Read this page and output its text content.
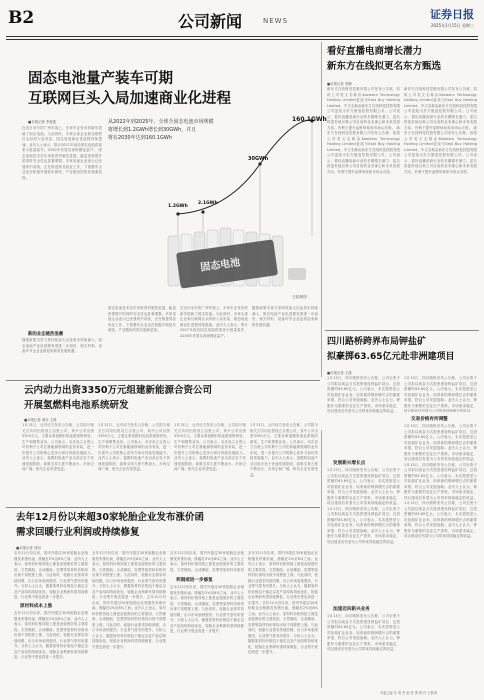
B2	公司新闻	NEWS	证券日报
2025年1月15日 星期三
固态电池量产装车可期
互联网巨头入局加速商业化进程
■本报记者 李春莲
在近日举行的广州车展上，多家车企发布的新车搭载了固态电池。与此同时，多家头部企业和互联网巨头纷纷入局布局，固态电池商业化进程持续提速。业内人士表示，预计2027年前后固态电池将迎来小批量装车，2030年有望实现规模化量产。 固态电池技术近年来取得突破性进展，能量密度提升的同时安全性也显著增强。多家电池企业表示已经建成中试线，正在推进样品验证工作，下游整车企业也在积极开展装车测试，产业链协同效应逐渐显现。
新的业态链热浪潮
随着政策支持力度持续加大以及资本持续涌入，固态电池产业化进程有望进一步加快，相关材料、设备环节企业也将迎来新的发展机遇。
从2022年到2025年，全球全固态电池市场规模
将增长到1.2GWh增长到30GWh，并且
将在2030年达到160.1GWh
160.1GWh
30GWh
2.1GWh
1.2GWh
固态电池
王琨/制图
固态电池技术近年来取得突破性进展，能量密度提升的同时安全性也显著增强。多家电池企业表示已经建成中试线，正在推进样品验证工作，下游整车企业也在积极开展装车测试，产业链协同效应逐渐显现。
在近日举行的广州车展上，多家车企发布的新车搭载了固态电池。与此同时，多家头部企业和互联网巨头纷纷入局布局，固态电池商业化进程持续提速。业内人士表示，预计2027年前后固态电池将迎来小批量装车，2030年有望实现规模化量产。
随着政策支持力度持续加大以及资本持续涌入，固态电池产业化进程有望进一步加快，相关材料、设备环节企业也将迎来新的发展机遇。
看好直播电商增长潜力
新东方在线拟更名东方甄选
■本报记者 李静
新东方在线科技控股有限公司发布公告称，拟将公司英文名称由Koolearn Technology Holding Limited更改为East Buy Holding Limited，中文名称由新东方在线科技控股有限公司更改为东方甄选控股有限公司。公司表示，看好直播电商行业的长期增长潜力，更名将更好地反映公司目前的业务重心和未来发展方向，有利于提升品牌形象和市场认可度。 新东方在线科技控股有限公司发布公告称，拟将公司英文名称由Koolearn Technology Holding Limited更改为East Buy Holding Limited，中文名称由新东方在线科技控股有限公司更改为东方甄选控股有限公司。公司表示，看好直播电商行业的长期增长潜力，更名将更好地反映公司目前的业务重心和未来发展方向，有利于提升品牌形象和市场认可度。
新东方在线科技控股有限公司发布公告称，拟将公司英文名称由Koolearn Technology Holding Limited更改为East Buy Holding Limited，中文名称由新东方在线科技控股有限公司更改为东方甄选控股有限公司。公司表示，看好直播电商行业的长期增长潜力，更名将更好地反映公司目前的业务重心和未来发展方向，有利于提升品牌形象和市场认可度。 新东方在线科技控股有限公司发布公告称，拟将公司英文名称由Koolearn Technology Holding Limited更改为East Buy Holding Limited，中文名称由新东方在线科技控股有限公司更改为东方甄选控股有限公司。公司表示，看好直播电商行业的长期增长潜力，更名将更好地反映公司目前的业务重心和未来发展方向，有利于提升品牌形象和市场认可度。
四川路桥跨界布局钾盐矿
拟豪掷63.65亿元赴非洲建项目
■本报记者 王僖
1月13日，四川路桥发布公告称，公司全资子公司拟以现金方式投资建设钾盐矿项目，总投资额约63.65亿元。公司表示，本次投资是公司拓展矿业业务、培育新的利润增长点的重要举措，符合公司发展战略。业内人士认为，钾肥作为重要的农业生产资料，市场需求稳定，项目建成后有望为公司带来持续稳定的收益。
发展新兴增长点
1月13日，四川路桥发布公告称，公司全资子公司拟以现金方式投资建设钾盐矿项目，总投资额约63.65亿元。公司表示，本次投资是公司拓展矿业业务、培育新的利润增长点的重要举措，符合公司发展战略。业内人士认为，钾肥作为重要的农业生产资料，市场需求稳定，项目建成后有望为公司带来持续稳定的收益。 1月13日，四川路桥发布公告称，公司全资子公司拟以现金方式投资建设钾盐矿项目，总投资额约63.65亿元。公司表示，本次投资是公司拓展矿业业务、培育新的利润增长点的重要举措，符合公司发展战略。业内人士认为，钾肥作为重要的农业生产资料，市场需求稳定，项目建成后有望为公司带来持续稳定的收益。
加速迈向新兴业务
1月13日，四川路桥发布公告称，公司全资子公司拟以现金方式投资建设钾盐矿项目，总投资额约63.65亿元。公司表示，本次投资是公司拓展矿业业务、培育新的利润增长点的重要举措，符合公司发展战略。业内人士认为，钾肥作为重要的农业生产资料，市场需求稳定，项目建成后有望为公司带来持续稳定的收益。
1月13日，四川路桥发布公告称，公司全资子公司拟以现金方式投资建设钾盐矿项目，总投资额约63.65亿元。公司表示，本次投资是公司拓展矿业业务、培育新的利润增长点的重要举措，符合公司发展战略。业内人士认为，钾肥作为重要的农业生产资料，市场需求稳定，项目建成后有望为公司带来持续稳定的收益。
交易价格有所调整
1月13日，四川路桥发布公告称，公司全资子公司拟以现金方式投资建设钾盐矿项目，总投资额约63.65亿元。公司表示，本次投资是公司拓展矿业业务、培育新的利润增长点的重要举措，符合公司发展战略。业内人士认为，钾肥作为重要的农业生产资料，市场需求稳定，项目建成后有望为公司带来持续稳定的收益。 1月13日，四川路桥发布公告称，公司全资子公司拟以现金方式投资建设钾盐矿项目，总投资额约63.65亿元。公司表示，本次投资是公司拓展矿业业务、培育新的利润增长点的重要举措，符合公司发展战略。业内人士认为，钾肥作为重要的农业生产资料，市场需求稳定，项目建成后有望为公司带来持续稳定的收益。 1月13日，四川路桥发布公告称，公司全资子公司拟以现金方式投资建设钾盐矿项目，总投资额约63.65亿元。公司表示，本次投资是公司拓展矿业业务、培育新的利润增长点的重要举措，符合公司发展战略。业内人士认为，钾肥作为重要的农业生产资料，市场需求稳定，项目建成后有望为公司带来持续稳定的收益。
云内动力出资3350万元组建新能源合资公司
开展氢燃料电池系统研发
■本报记者 黄永 王晨
1月13日，云内动力发布公告称，公司拟与相关方共同出资设立合资公司，其中公司出资3350万元，主要从事氢燃料电池系统的研发、生产和销售业务。公司表示，本次设立合资公司有利于公司在新能源领域的业务布局，进一步提升公司的核心竞争力和可持续发展能力。业内人士表示，氢燃料电池产业目前正处于快速发展阶段，政策支持力度不断加大，市场空间广阔，相关企业有望受益。
1月13日，云内动力发布公告称，公司拟与相关方共同出资设立合资公司，其中公司出资3350万元，主要从事氢燃料电池系统的研发、生产和销售业务。公司表示，本次设立合资公司有利于公司在新能源领域的业务布局，进一步提升公司的核心竞争力和可持续发展能力。业内人士表示，氢燃料电池产业目前正处于快速发展阶段，政策支持力度不断加大，市场空间广阔，相关企业有望受益。
1月13日，云内动力发布公告称，公司拟与相关方共同出资设立合资公司，其中公司出资3350万元，主要从事氢燃料电池系统的研发、生产和销售业务。公司表示，本次设立合资公司有利于公司在新能源领域的业务布局，进一步提升公司的核心竞争力和可持续发展能力。业内人士表示，氢燃料电池产业目前正处于快速发展阶段，政策支持力度不断加大，市场空间广阔，相关企业有望受益。
1月13日，云内动力发布公告称，公司拟与相关方共同出资设立合资公司，其中公司出资3350万元，主要从事氢燃料电池系统的研发、生产和销售业务。公司表示，本次设立合资公司有利于公司在新能源领域的业务布局，进一步提升公司的核心竞争力和可持续发展能力。业内人士表示，氢燃料电池产业目前正处于快速发展阶段，政策支持力度不断加大，市场空间广阔，相关企业有望受益。
去年12月份以来超30家轮胎企业发布涨价函
需求回暖行业利润或持续修复
■本报记者 刘钊
去年12月份以来，国内外超过30家轮胎企业相继发布涨价函，涨幅在2%至8%之间。业内人士表示，原材料价格持续上涨是此轮涨价的主要原因，天然橡胶、合成橡胶、炭黑等原材料价格均出现不同程度上涨。与此同时，轮胎行业需求持续回暖，出口市场表现强劲，行业景气度有所提升。分析人士认为，随着原材料价格趋于稳定以及产品结构持续优化，轮胎企业利润有望持续修复，行业集中度也将进一步提升。
原材料成本上涨
去年12月份以来，国内外超过30家轮胎企业相继发布涨价函，涨幅在2%至8%之间。业内人士表示，原材料价格持续上涨是此轮涨价的主要原因，天然橡胶、合成橡胶、炭黑等原材料价格均出现不同程度上涨。与此同时，轮胎行业需求持续回暖，出口市场表现强劲，行业景气度有所提升。分析人士认为，随着原材料价格趋于稳定以及产品结构持续优化，轮胎企业利润有望持续修复，行业集中度也将进一步提升。
去年12月份以来，国内外超过30家轮胎企业相继发布涨价函，涨幅在2%至8%之间。业内人士表示，原材料价格持续上涨是此轮涨价的主要原因，天然橡胶、合成橡胶、炭黑等原材料价格均出现不同程度上涨。与此同时，轮胎行业需求持续回暖，出口市场表现强劲，行业景气度有所提升。分析人士认为，随着原材料价格趋于稳定以及产品结构持续优化，轮胎企业利润有望持续修复，行业集中度也将进一步提升。去年12月份以来，国内外超过30家轮胎企业相继发布涨价函，涨幅在2%至8%之间。业内人士表示，原材料价格持续上涨是此轮涨价的主要原因，天然橡胶、合成橡胶、炭黑等原材料价格均出现不同程度上涨。与此同时，轮胎行业需求持续回暖，出口市场表现强劲，行业景气度有所提升。分析人士认为，随着原材料价格趋于稳定以及产品结构持续优化，轮胎企业利润有望持续修复，行业集中度也将进一步提升。
去年12月份以来，国内外超过30家轮胎企业相继发布涨价函，涨幅在2%至8%之间。业内人士表示，原材料价格持续上涨是此轮涨价的主要原因，天然橡胶、合成橡胶、炭黑等原材料价格均
利润或进一步修复
去年12月份以来，国内外超过30家轮胎企业相继发布涨价函，涨幅在2%至8%之间。业内人士表示，原材料价格持续上涨是此轮涨价的主要原因，天然橡胶、合成橡胶、炭黑等原材料价格均出现不同程度上涨。与此同时，轮胎行业需求持续回暖，出口市场表现强劲，行业景气度有所提升。分析人士认为，随着原材料价格趋于稳定以及产品结构持续优化，轮胎企业利润有望持续修复，行业集中度也将进一步提升。
去年12月份以来，国内外超过30家轮胎企业相继发布涨价函，涨幅在2%至8%之间。业内人士表示，原材料价格持续上涨是此轮涨价的主要原因，天然橡胶、合成橡胶、炭黑等原材料价格均出现不同程度上涨。与此同时，轮胎行业需求持续回暖，出口市场表现强劲，行业景气度有所提升。分析人士认为，随着原材料价格趋于稳定以及产品结构持续优化，轮胎企业利润有望持续修复，行业集中度也将进一步提升。去年12月份以来，国内外超过30家轮胎企业相继发布涨价函，涨幅在2%至8%之间。业内人士表示，原材料价格持续上涨是此轮涨价的主要原因，天然橡胶、合成橡胶、炭黑等原材料价格均出现不同程度上涨。与此同时，轮胎行业需求持续回暖，出口市场表现强劲，行业景气度有所提升。分析人士认为，随着原材料价格趋于稳定以及产品结构持续优化，轮胎企业利润有望持续修复，行业集中度也将进一步提升。
本版主编 沈 明 责 编 张 博 制 作 王敬涛
